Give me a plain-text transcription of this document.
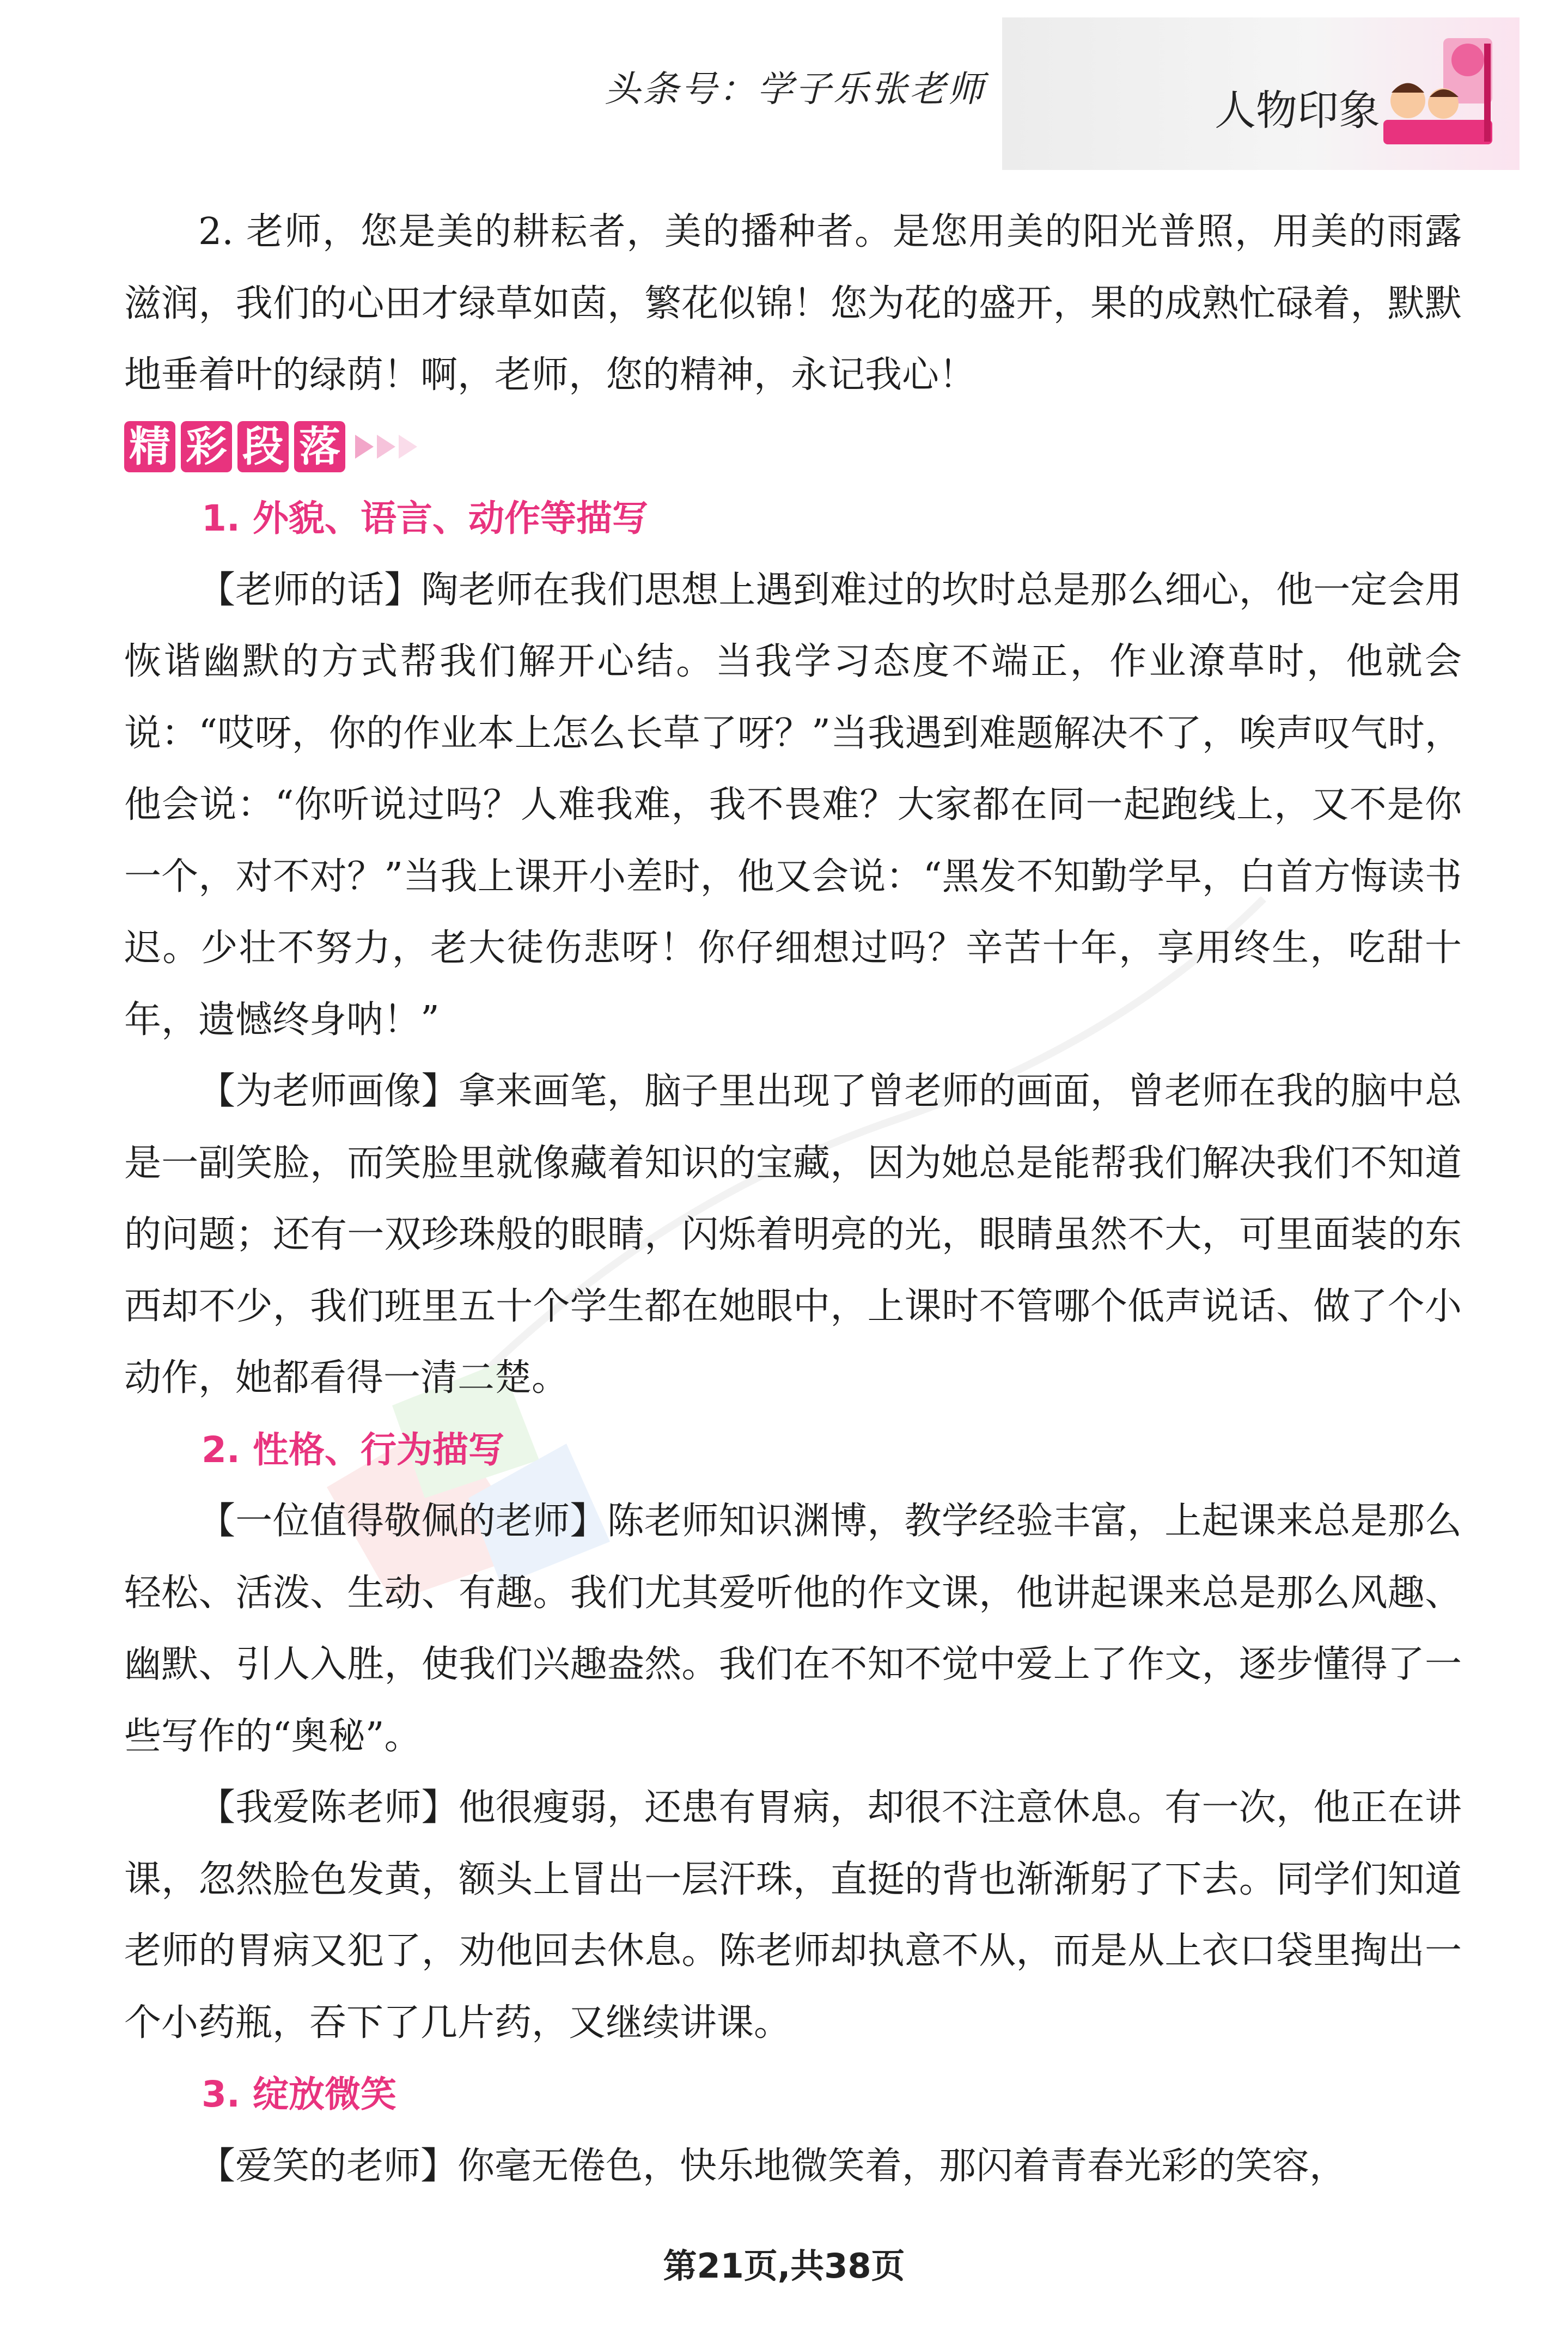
头条号：学子乐张老师	人物印象

2. 老师，您是美的耕耘者，美的播种者。是您用美的阳光普照，用美的雨露滋润，我们的心田才绿草如茵，繁花似锦！您为花的盛开，果的成熟忙碌着，默默地垂着叶的绿荫！啊，老师，您的精神，永记我心！

精 彩 段 落
1. 外貌、语言、动作等描写

【老师的话】陶老师在我们思想上遇到难过的坎时总是那么细心，他一定会用恢谐幽默的方式帮我们解开心结。当我学习态度不端正，作业潦草时，他就会说：“哎呀，你的作业本上怎么长草了呀？”当我遇到难题解决不了，唉声叹气时，他会说：“你听说过吗？人难我难，我不畏难？大家都在同一起跑线上，又不是你一个，对不对？”当我上课开小差时，他又会说：“黑发不知勤学早，白首方悔读书迟。少壮不努力，老大徒伤悲呀！你仔细想过吗？辛苦十年，享用终生，吃甜十年，遗憾终身呐！”

【为老师画像】拿来画笔，脑子里出现了曾老师的画面，曾老师在我的脑中总是一副笑脸，而笑脸里就像藏着知识的宝藏，因为她总是能帮我们解决我们不知道的问题；还有一双珍珠般的眼睛，闪烁着明亮的光，眼睛虽然不大，可里面装的东西却不少，我们班里五十个学生都在她眼中，上课时不管哪个低声说话、做了个小动作，她都看得一清二楚。

2. 性格、行为描写

【一位值得敬佩的老师】陈老师知识渊博，教学经验丰富，上起课来总是那么轻松、活泼、生动、有趣。我们尤其爱听他的作文课，他讲起课来总是那么风趣、幽默、引人入胜，使我们兴趣盎然。我们在不知不觉中爱上了作文，逐步懂得了一些写作的“奥秘”。

【我爱陈老师】他很瘦弱，还患有胃病，却很不注意休息。有一次，他正在讲课，忽然脸色发黄，额头上冒出一层汗珠，直挺的背也渐渐躬了下去。同学们知道老师的胃病又犯了，劝他回去休息。陈老师却执意不从，而是从上衣口袋里掏出一个小药瓶，吞下了几片药，又继续讲课。

3. 绽放微笑

【爱笑的老师】你毫无倦色，快乐地微笑着，那闪着青春光彩的笑容，

第21页,共38页
